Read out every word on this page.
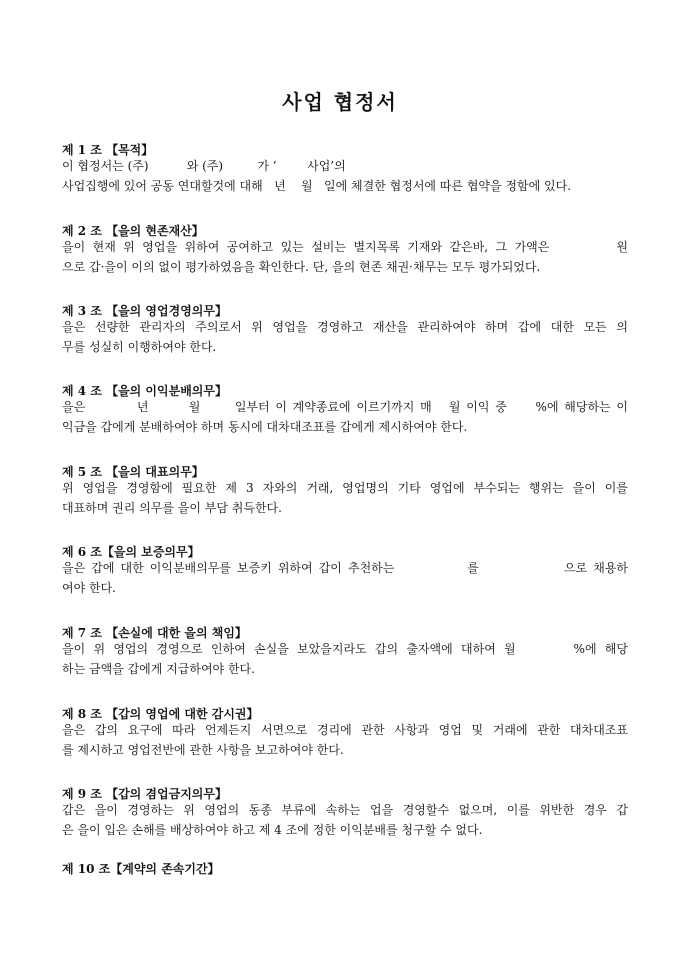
사업 협정서
제 1 조 【목적】
이 협정서는 (주)          와 (주)         가 ’        사업’의
사업집행에 있어 공동 연대할것에 대해   년    월   일에 체결한 협정서에 따른 협약을 정함에 있다.
제 2 조 【을의 현존재산】
을이 현재 위 영업을 위하여 공여하고 있는 설비는 별지목록 기재와 같은바, 그 가액은         원
으로 갑·을이 이의 없이 평가하였음을 확인한다. 단, 을의 현존 채권·채무는 모두 평가되었다.
제 3 조 【을의 영업경영의무】
을은 선량한 관리자의 주의로서 위 영업을 경영하고 재산을 관리하여야 하며 갑에 대한 모든 의
무를 성실히 이행하여야 한다.
제 4 조 【을의 이익분배의무】
을은         년       월      일부터 이 계약종료에 이르기까지 매   월 이익 중     %에 해당하는 이
익금을 갑에게 분배하여야 하며 동시에 대차대조표를 갑에게 제시하여야 한다.
제 5 조 【을의 대표의무】
위 영업을 경영함에 필요한 제 3 자와의 거래, 영업명의 기타 영업에 부수되는 행위는 을이 이를
대표하며 권리 의무를 을이 부담 취득한다.
제 6 조【을의 보증의무】
을은 갑에 대한 이익분배의무를 보증키 위하여 갑이 추천하는            를              으로 채용하
여야 한다.
제 7 조 【손실에 대한 을의 책임】
을이 위 영업의 경영으로 인하여 손실을 보았을지라도 갑의 출자액에 대하여 월       %에 해당
하는 금액을 갑에게 지급하여야 한다.
제 8 조 【갑의 영업에 대한 감시권】
을은 갑의 요구에 따라 언제든지 서면으로 경리에 관한 사항과 영업 및 거래에 관한 대차대조표
를 제시하고 영업전반에 관한 사항을 보고하여야 한다.
제 9 조 【갑의 겸업금지의무】
갑은 을이 경영하는 위 영업의 동종 부류에 속하는 업을 경영할수 없으며, 이를 위반한 경우 갑
은 을이 입은 손해를 배상하여야 하고 제 4 조에 정한 이익분배를 청구할 수 없다.
제 10 조【계약의 존속기간】
